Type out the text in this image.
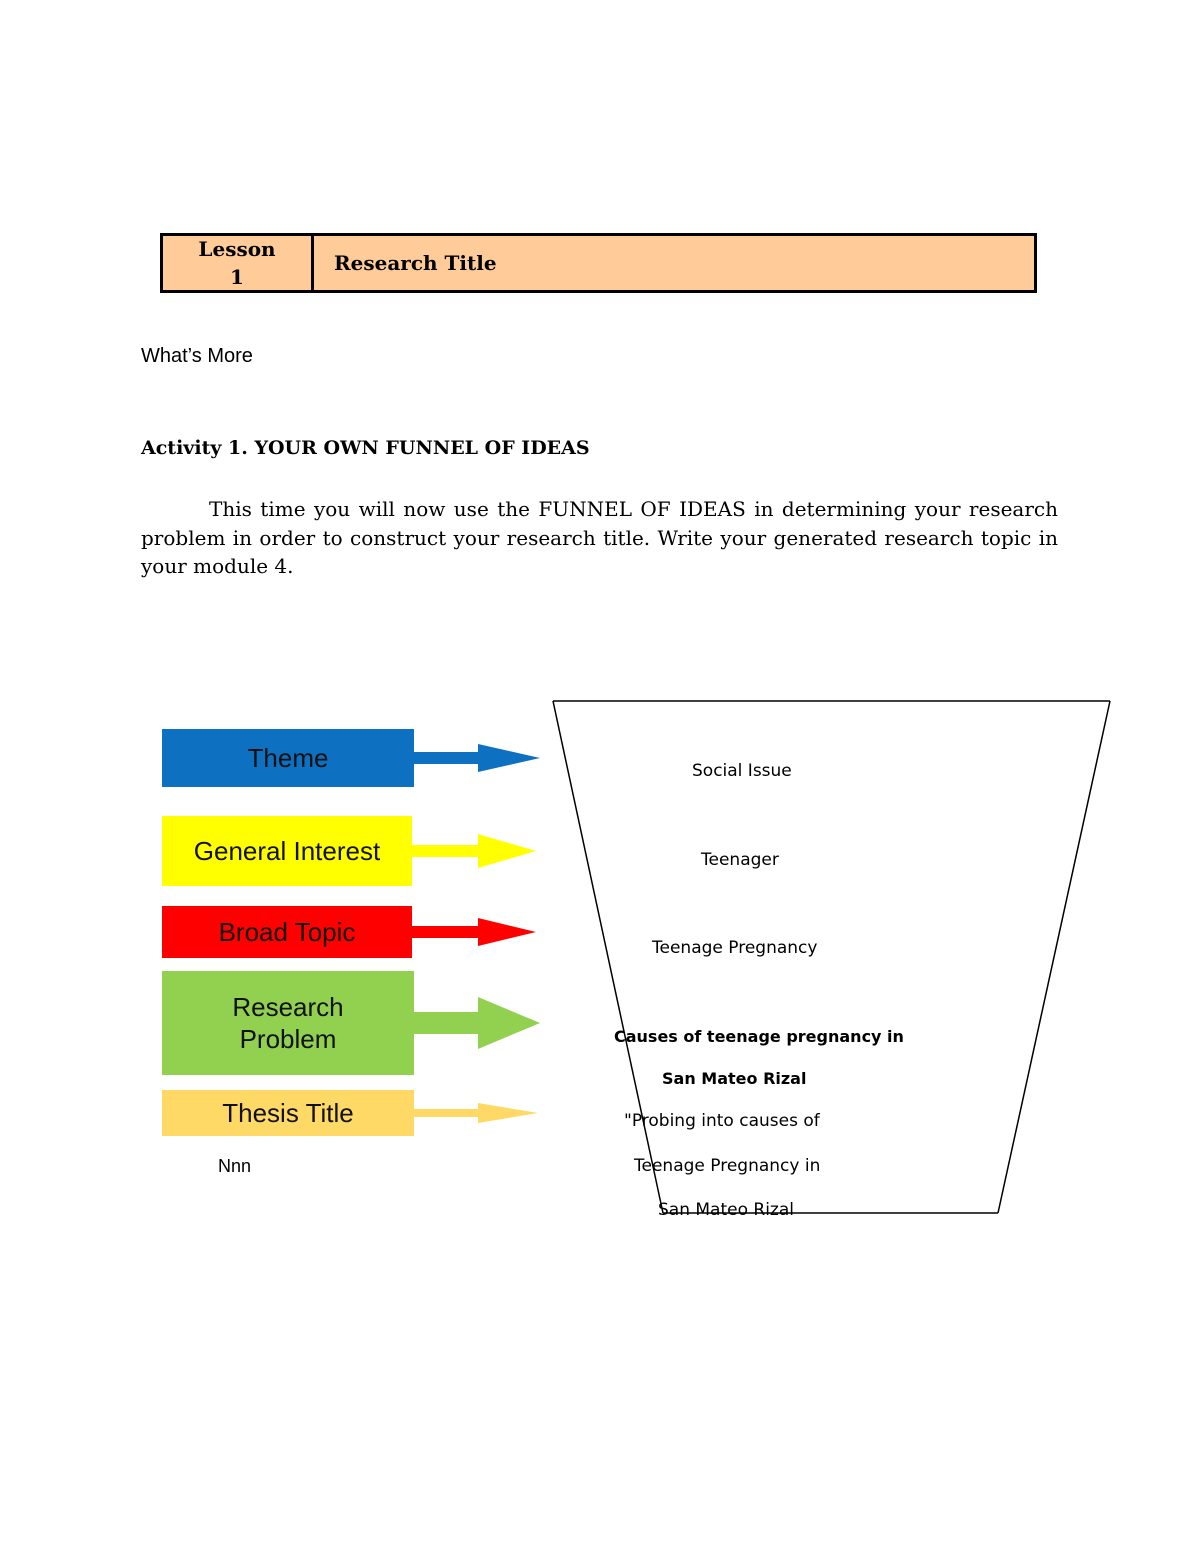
Lesson
1
Research Title
What’s More
Activity 1. YOUR OWN FUNNEL OF IDEAS

This time you will now use the FUNNEL OF IDEAS in determining your research problem in order to construct your research title. Write your generated research topic in your module 4.

Theme
General Interest
Broad Topic
Research
Problem
Thesis Title
Nnn
Social Issue
Teenager
Teenage Pregnancy
Causes of teenage pregnancy in
San Mateo Rizal
"Probing into causes of
Teenage Pregnancy in
San Mateo Rizal
